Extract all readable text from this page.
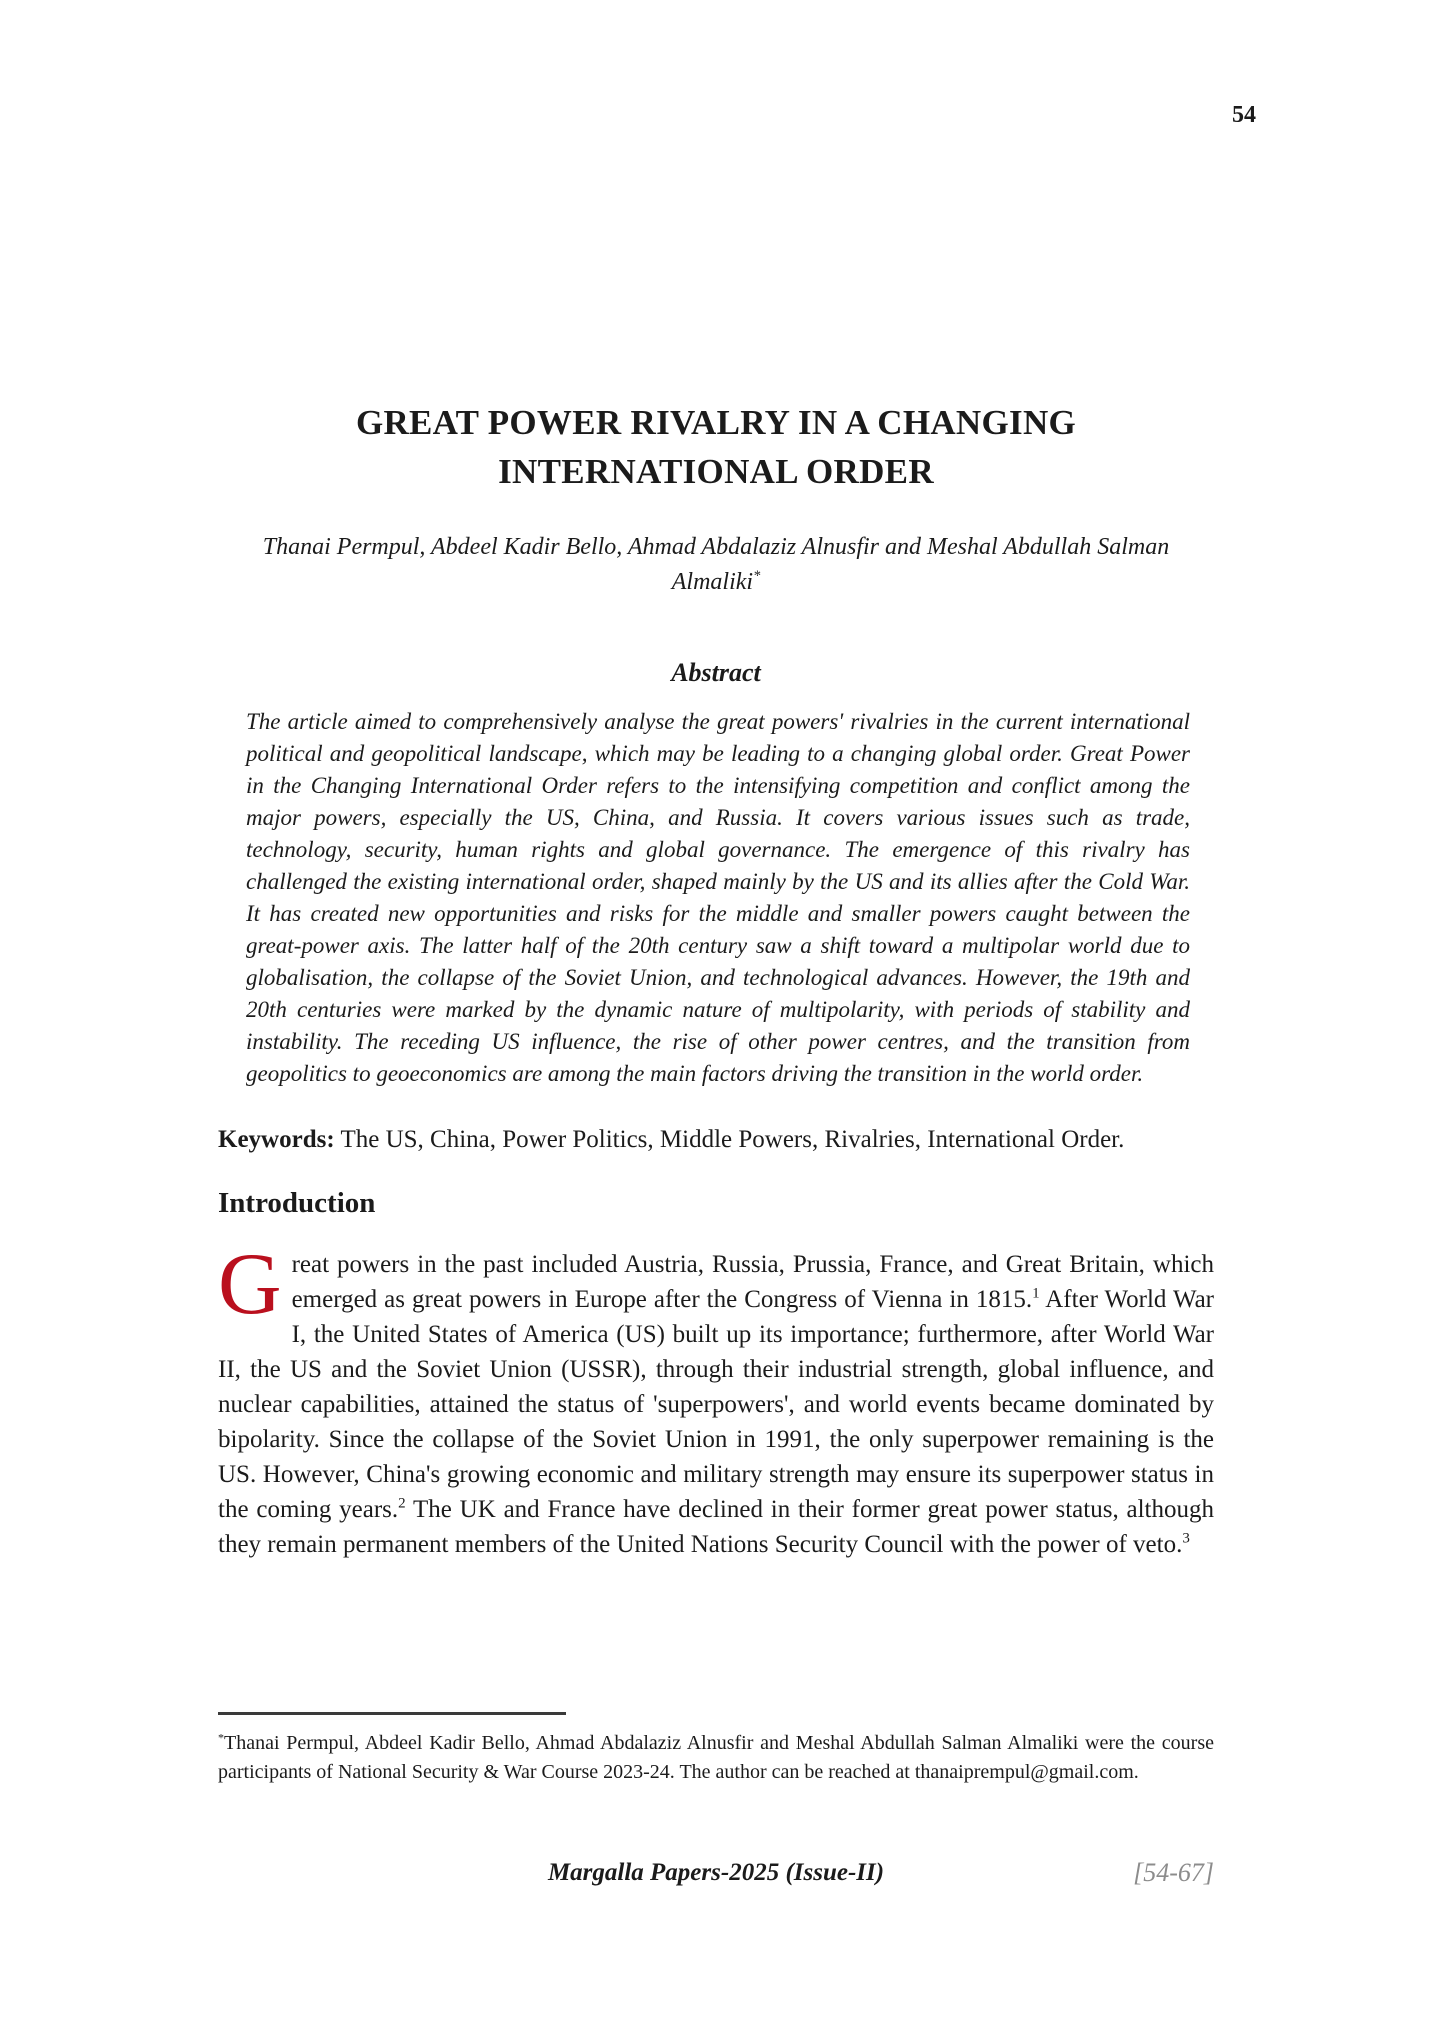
54
GREAT POWER RIVALRY IN A CHANGING
INTERNATIONAL ORDER

Thanai Permpul, Abdeel Kadir Bello, Ahmad Abdalaziz Alnusfir and Meshal Abdullah Salman Almaliki*

Abstract

The article aimed to comprehensively analyse the great powers' rivalries in the current international political and geopolitical landscape, which may be leading to a changing global order. Great Power in the Changing International Order refers to the intensifying competition and conflict among the major powers, especially the US, China, and Russia. It covers various issues such as trade, technology, security, human rights and global governance. The emergence of this rivalry has challenged the existing international order, shaped mainly by the US and its allies after the Cold War. It has created new opportunities and risks for the middle and smaller powers caught between the great-power axis. The latter half of the 20th century saw a shift toward a multipolar world due to globalisation, the collapse of the Soviet Union, and technological advances. However, the 19th and 20th centuries were marked by the dynamic nature of multipolarity, with periods of stability and instability. The receding US influence, the rise of other power centres, and the transition from geopolitics to geoeconomics are among the main factors driving the transition in the world order.

Keywords: The US, China, Power Politics, Middle Powers, Rivalries, International Order.

Introduction

Great powers in the past included Austria, Russia, Prussia, France, and Great Britain, which emerged as great powers in Europe after the Congress of Vienna in 1815.$^1$ After World War I, the United States of America (US) built up its importance; furthermore, after World War II, the US and the Soviet Union (USSR), through their industrial strength, global influence, and nuclear capabilities, attained the status of 'superpowers', and world events became dominated by bipolarity. Since the collapse of the Soviet Union in 1991, the only superpower remaining is the US. However, China's growing economic and military strength may ensure its superpower status in the coming years.$^2$ The UK and France have declined in their former great power status, although they remain permanent members of the United Nations Security Council with the power of veto.$^3$

*Thanai Permpul, Abdeel Kadir Bello, Ahmad Abdalaziz Alnusfir and Meshal Abdullah Salman Almaliki were the course participants of National Security & War Course 2023-24. The author can be reached at thanaiprempul@gmail.com.

Margalla Papers-2025 (Issue-II)	[54-67]
